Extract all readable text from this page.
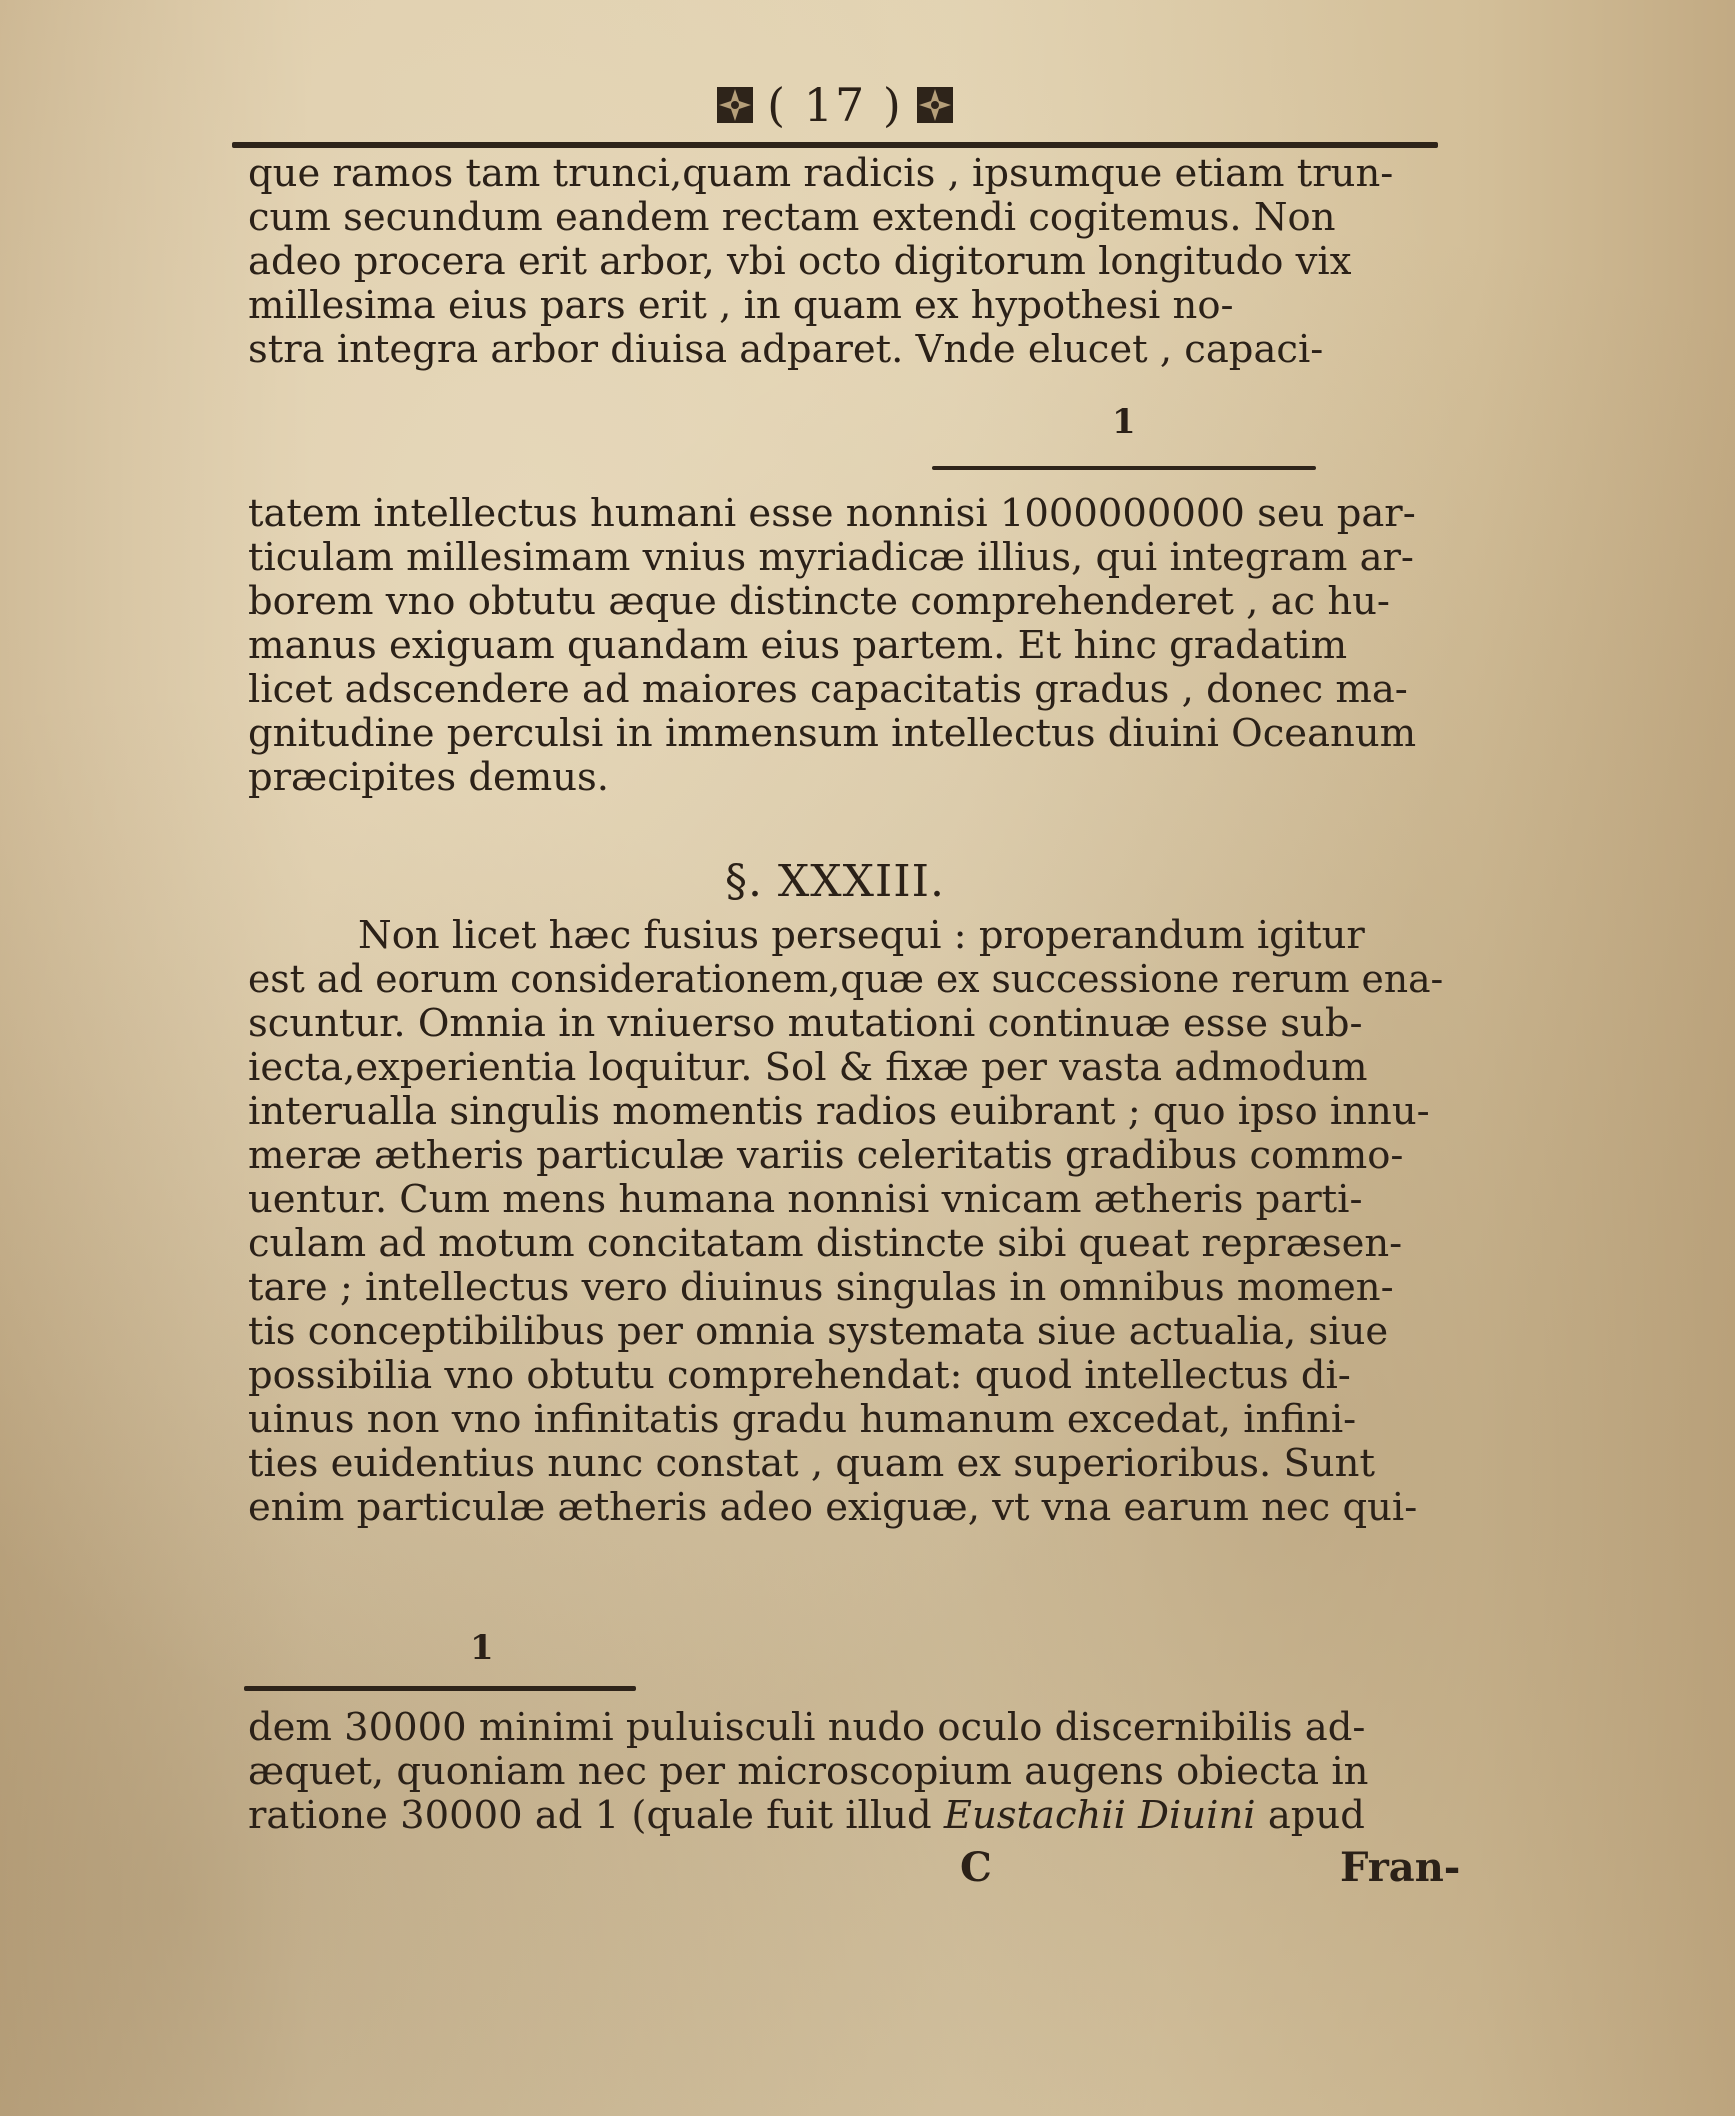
( 17 )
que ramos tam trunci,quam radicis , ipsumque etiam trun-
cum secundum eandem rectam extendi cogitemus. Non
adeo procera erit arbor, vbi octo digitorum longitudo vix
millesima eius pars erit , in quam ex hypothesi no-
stra integra arbor diuisa adparet. Vnde elucet , capaci-
1
tatem intellectus humani esse nonnisi 1000000000 seu par-
ticulam millesimam vnius myriadicæ illius, qui integram ar-
borem vno obtutu æque distincte comprehenderet , ac hu-
manus exiguam quandam eius partem. Et hinc gradatim
licet adscendere ad maiores capacitatis gradus , donec ma-
gnitudine perculsi in immensum intellectus diuini Oceanum
præcipites demus.
§. XXXIII.
Non licet hæc fusius persequi : properandum igitur
est ad eorum considerationem,quæ ex successione rerum ena-
scuntur. Omnia in vniuerso mutationi continuæ esse sub-
iecta,experientia loquitur. Sol & fixæ per vasta admodum
interualla singulis momentis radios euibrant ; quo ipso innu-
meræ ætheris particulæ variis celeritatis gradibus commo-
uentur. Cum mens humana nonnisi vnicam ætheris parti-
culam ad motum concitatam distincte sibi queat repræsen-
tare ; intellectus vero diuinus singulas in omnibus momen-
tis conceptibilibus per omnia systemata siue actualia, siue
possibilia vno obtutu comprehendat: quod intellectus di-
uinus non vno infinitatis gradu humanum excedat, infini-
ties euidentius nunc constat , quam ex superioribus. Sunt
enim particulæ ætheris adeo exiguæ, vt vna earum nec qui-
1
dem 30000 minimi puluisculi nudo oculo discernibilis ad-
æquet, quoniam nec per microscopium augens obiecta in
ratione 30000 ad 1 (quale fuit illud Eustachii Diuini apud
C	Fran-
